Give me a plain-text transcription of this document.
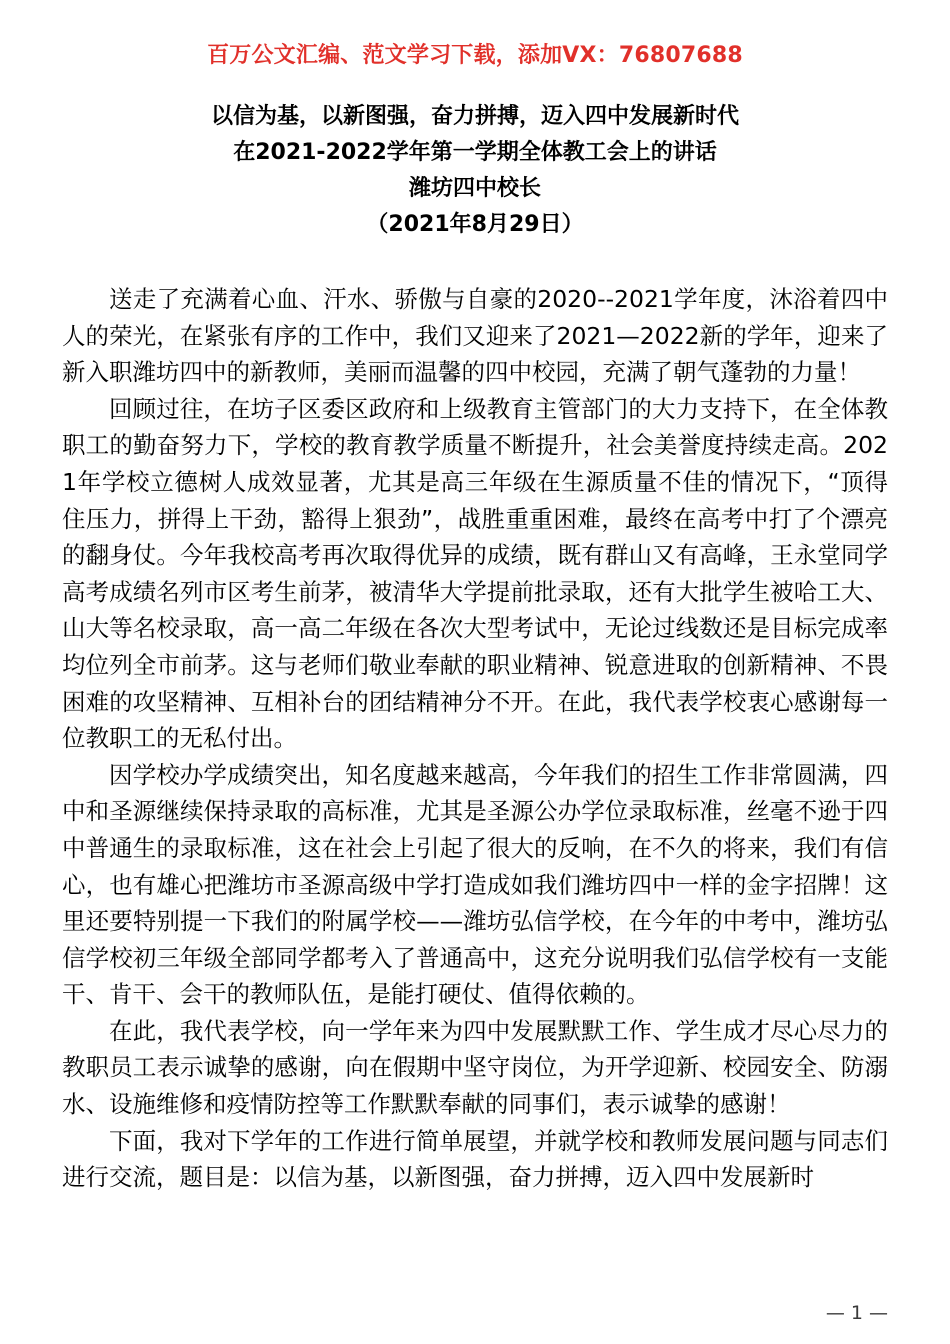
百万公文汇编、范文学习下载，添加VX：76807688
以信为基，以新图强，奋力拼搏，迈入四中发展新时代
在2021-2022学年第一学期全体教工会上的讲话
潍坊四中校长
（2021年8月29日）

送走了充满着心血、汗水、骄傲与自豪的2020--2021学年度，沐浴着四中人的荣光，在紧张有序的工作中，我们又迎来了2021—2022新的学年，迎来了新入职潍坊四中的新教师，美丽而温馨的四中校园，充满了朝气蓬勃的力量！

回顾过往，在坊子区委区政府和上级教育主管部门的大力支持下，在全体教职工的勤奋努力下，学校的教育教学质量不断提升，社会美誉度持续走高。2021年学校立德树人成效显著，尤其是高三年级在生源质量不佳的情况下，“顶得住压力，拼得上干劲，豁得上狠劲”，战胜重重困难，最终在高考中打了个漂亮的翻身仗。今年我校高考再次取得优异的成绩，既有群山又有高峰，王永堂同学高考成绩名列市区考生前茅，被清华大学提前批录取，还有大批学生被哈工大、山大等名校录取，高一高二年级在各次大型考试中，无论过线数还是目标完成率均位列全市前茅。这与老师们敬业奉献的职业精神、锐意进取的创新精神、不畏困难的攻坚精神、互相补台的团结精神分不开。在此，我代表学校衷心感谢每一位教职工的无私付出。

因学校办学成绩突出，知名度越来越高，今年我们的招生工作非常圆满，四中和圣源继续保持录取的高标准，尤其是圣源公办学位录取标准，丝毫不逊于四中普通生的录取标准，这在社会上引起了很大的反响，在不久的将来，我们有信心，也有雄心把潍坊市圣源高级中学打造成如我们潍坊四中一样的金字招牌！这里还要特别提一下我们的附属学校——潍坊弘信学校，在今年的中考中，潍坊弘信学校初三年级全部同学都考入了普通高中，这充分说明我们弘信学校有一支能干、肯干、会干的教师队伍，是能打硬仗、值得依赖的。

在此，我代表学校，向一学年来为四中发展默默工作、学生成才尽心尽力的教职员工表示诚挚的感谢，向在假期中坚守岗位，为开学迎新、校园安全、防溺水、设施维修和疫情防控等工作默默奉献的同事们，表示诚挚的感谢！

下面，我对下学年的工作进行简单展望，并就学校和教师发展问题与同志们进行交流，题目是：以信为基，以新图强，奋力拼搏，迈入四中发展新时

— 1 —
